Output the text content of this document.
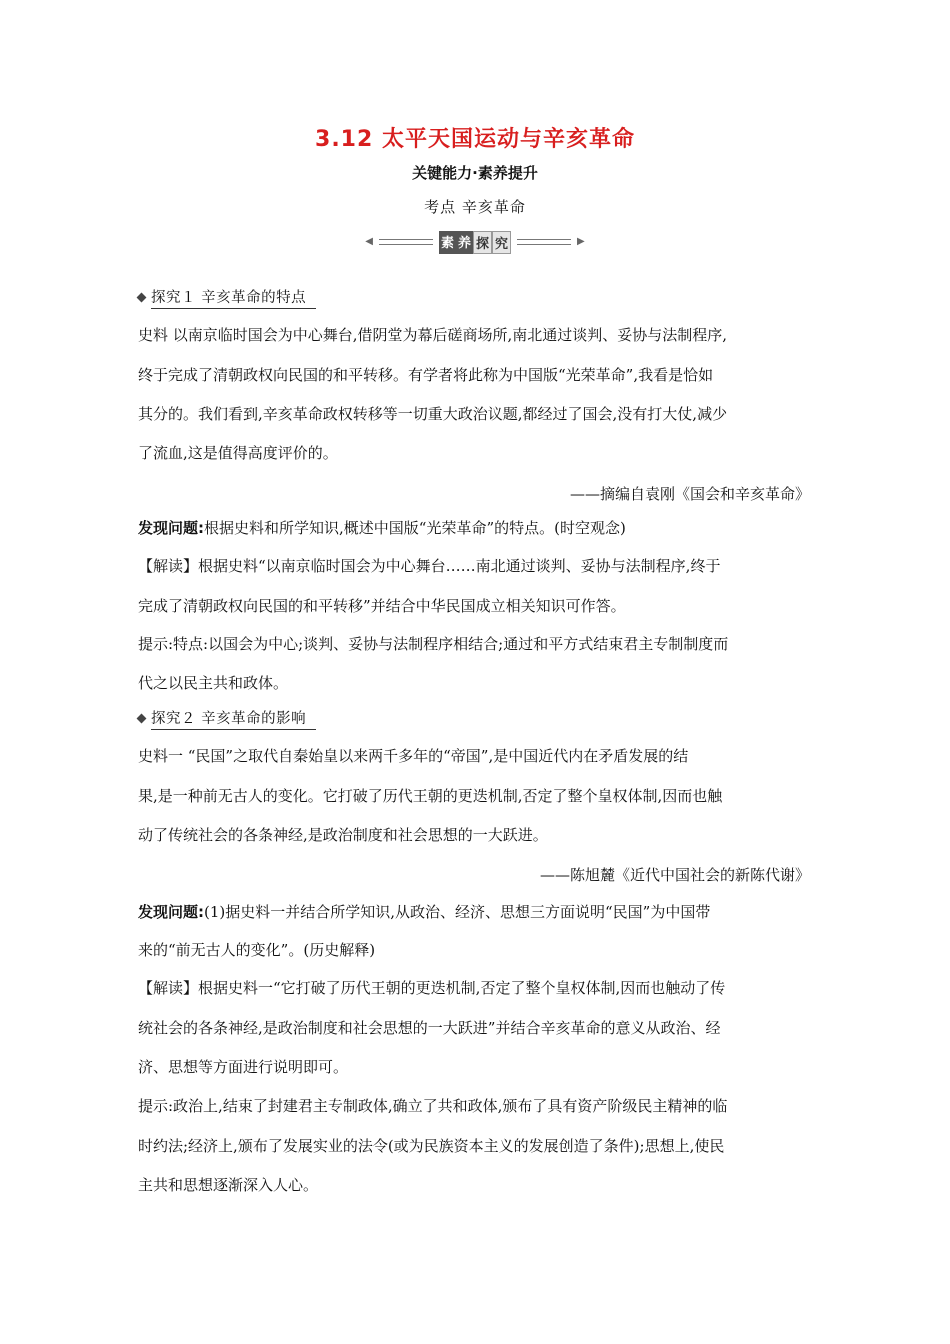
3.12 太平天国运动与辛亥革命
关键能力·素养提升
考点 辛亥革命
◀	素 养 探 究	▶
探究１ 辛亥革命的特点
史料 以南京临时国会为中心舞台,借阴堂为幕后磋商场所,南北通过谈判、妥协与法制程序,
终于完成了清朝政权向民国的和平转移。有学者将此称为中国版“光荣革命”,我看是恰如
其分的。我们看到,辛亥革命政权转移等一切重大政治议题,都经过了国会,没有打大仗,减少
了流血,这是值得高度评价的。
——摘编自袁刚《国会和辛亥革命》
发现问题:根据史料和所学知识,概述中国版“光荣革命”的特点。(时空观念)
【解读】根据史料“以南京临时国会为中心舞台……南北通过谈判、妥协与法制程序,终于
完成了清朝政权向民国的和平转移”并结合中华民国成立相关知识可作答。
提示:特点:以国会为中心;谈判、妥协与法制程序相结合;通过和平方式结束君主专制制度而
代之以民主共和政体。
探究２ 辛亥革命的影响
史料一 “民国”之取代自秦始皇以来两千多年的“帝国”,是中国近代内在矛盾发展的结
果,是一种前无古人的变化。它打破了历代王朝的更迭机制,否定了整个皇权体制,因而也触
动了传统社会的各条神经,是政治制度和社会思想的一大跃进。
——陈旭麓《近代中国社会的新陈代谢》
发现问题:(1)据史料一并结合所学知识,从政治、经济、思想三方面说明“民国”为中国带
来的“前无古人的变化”。(历史解释)
【解读】根据史料一“它打破了历代王朝的更迭机制,否定了整个皇权体制,因而也触动了传
统社会的各条神经,是政治制度和社会思想的一大跃进”并结合辛亥革命的意义从政治、经
济、思想等方面进行说明即可。
提示:政治上,结束了封建君主专制政体,确立了共和政体,颁布了具有资产阶级民主精神的临
时约法;经济上,颁布了发展实业的法令(或为民族资本主义的发展创造了条件);思想上,使民
主共和思想逐渐深入人心。
